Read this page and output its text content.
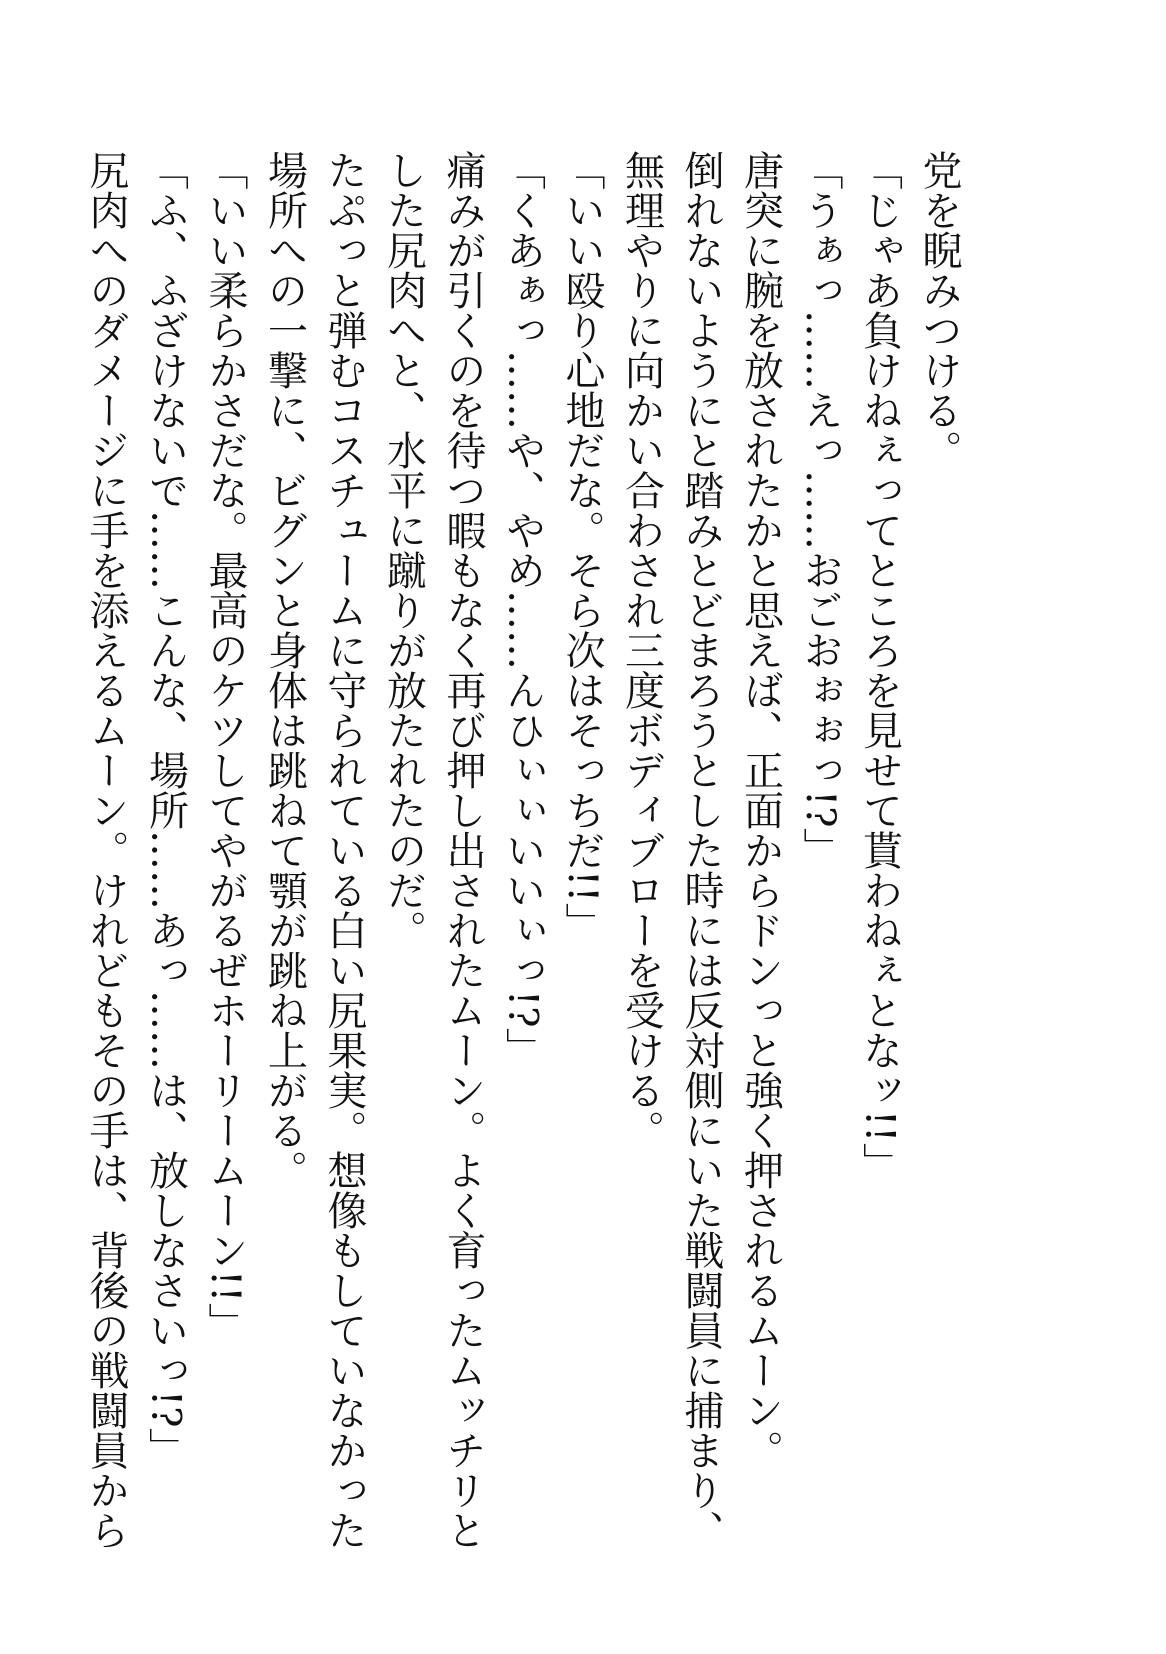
党を睨みつける。

「じゃあ負けねぇってところを見せて貰わねぇとなッ!!」

「うぁっ……えっ……おごおぉぉっ!?」

唐突に腕を放されたかと思えば、正面からドンっと強く押されるムーン。

倒れないようにと踏みとどまろうとした時には反対側にいた戦闘員に捕まり、

無理やりに向かい合わされ三度ボディブローを受ける。

「いい殴り心地だな。そら次はそっちだ!!」

「くあぁっ……や、やめ……んひぃぃいいぃっ!?」

痛みが引くのを待つ暇もなく再び押し出されたムーン。よく育ったムッチリと

した尻肉へと、水平に蹴りが放たれたのだ。

たぷっと弾むコスチュームに守られている白い尻果実。想像もしていなかった

場所への一撃に、ビグンと身体は跳ねて顎が跳ね上がる。

「いい柔らかさだな。最高のケツしてやがるぜホーリームーン!!」

「ふ、ふざけないで……こんな、場所……あっ……は、放しなさいっ!?」

尻肉へのダメージに手を添えるムーン。けれどもその手は、背後の戦闘員から
